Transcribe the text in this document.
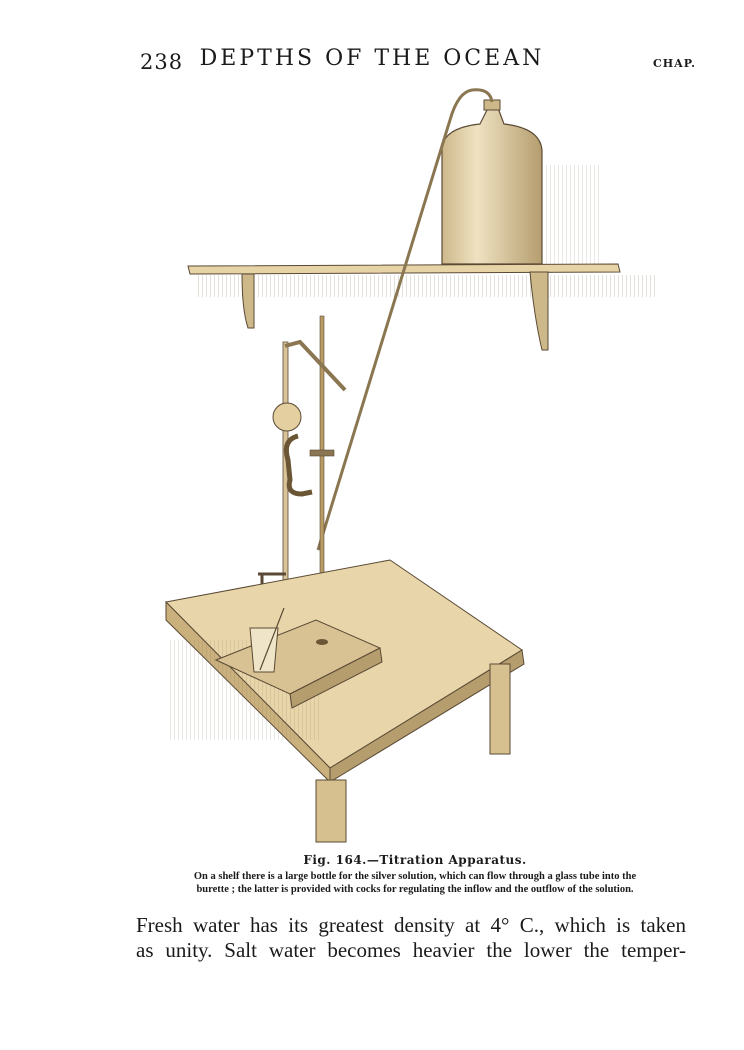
238 DEPTHS OF THE OCEAN	CHAP.
Fig. 164.—Titration Apparatus.
On a shelf there is a large bottle for the silver solution, which can flow through a glass tube into the
burette ; the latter is provided with cocks for regulating the inflow and the outflow of the solution.
Fresh water has its greatest density at 4° C., which is taken
as unity. Salt water becomes heavier the lower the temper-
